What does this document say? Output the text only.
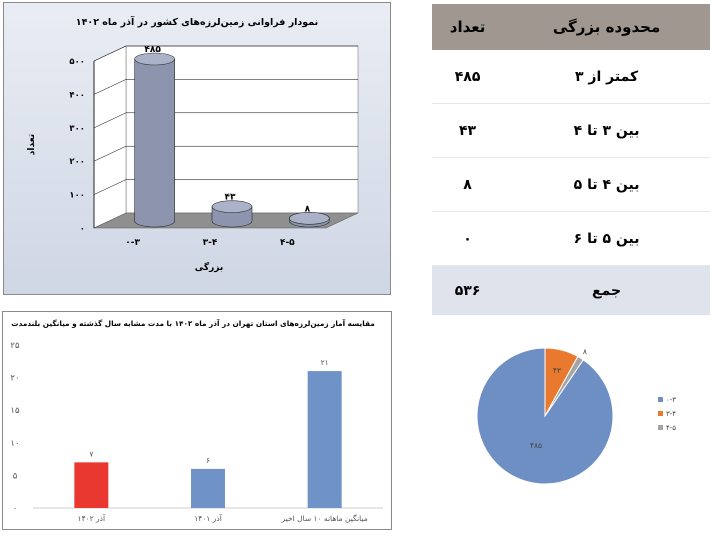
نمودار فراوانی زمین‌لرزه‌های کشور در آذر ماه ۱۴۰۲
۰
۱۰۰
۲۰۰
۳۰۰
۴۰۰
۵۰۰
تعداد
۴۸۵
۰-۳
۴۳
۳-۴
۸
۴-۵
بزرگی
تعداد	محدوده بزرگی
۴۸۵	کمتر از ۳
۴۳	بین ۳ تا ۴
۸	بین ۴ تا ۵
۰	بین ۵ تا ۶
۵۳۶	جمع
مقایسه آمار زمین‌لرزه‌های استان تهران در آذر ماه ۱۴۰۲ با مدت مشابه سال گذشته و میانگین بلندمدت
۰
۵
۱۰
۱۵
۲۰
۲۵
۷
آذر ۱۴۰۲
۶
آذر ۱۴۰۱
۲۱
میانگین ماهانه ۱۰ سال اخیر
۴۸۵
۴۳
۸
۰-۳
۳-۴
۴-۵
